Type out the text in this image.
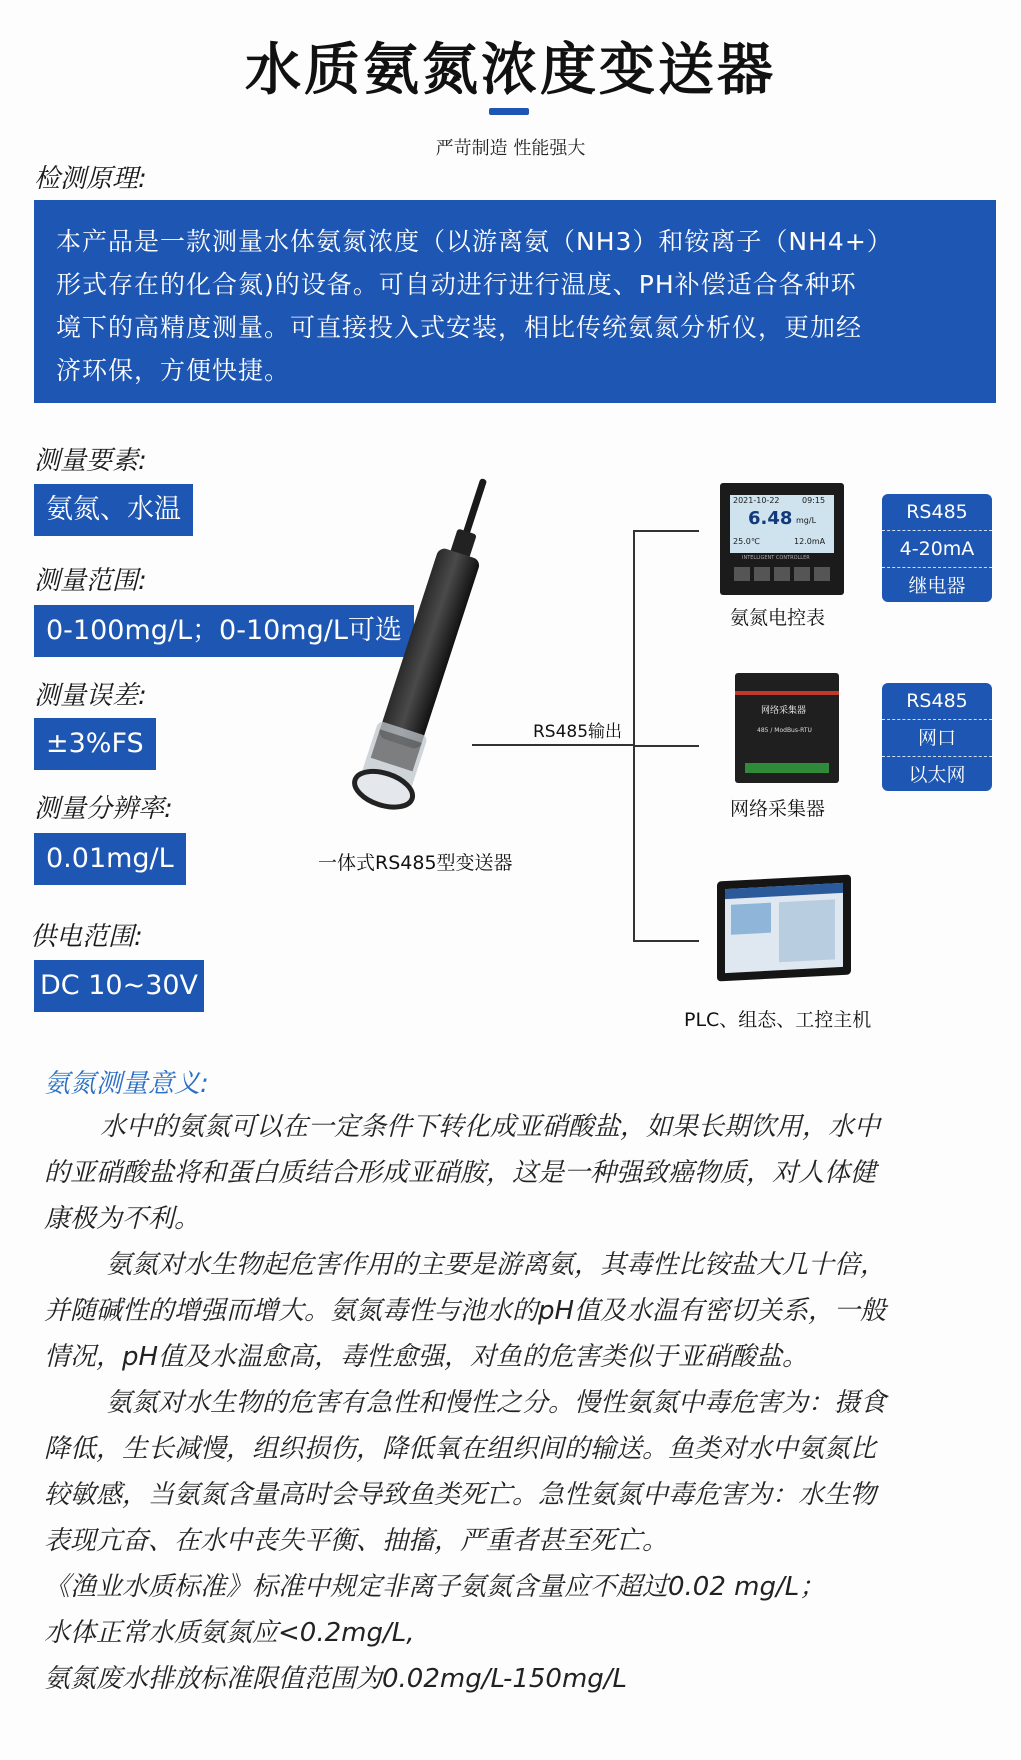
水质氨氮浓度变送器
严苛制造 性能强大
检测原理:
本产品是一款测量水体氨氮浓度（以游离氨（NH3）和铵离子（NH4+）
形式存在的化合氮)的设备。可自动进行进行温度、PH补偿适合各种环
境下的高精度测量。可直接投入式安装，相比传统氨氮分析仪，更加经
济环保，方便快捷。
测量要素:
氨氮、水温
测量范围:
0-100mg/L；0-10mg/L可选
测量误差:
±3%FS
测量分辨率:
0.01mg/L
供电范围:
DC 10~30V
一体式RS485型变送器
RS485输出
2021-10-22	09:15
6.48 mg/L
25.0℃	12.0mA
INTELLIGENT CONTROLLER
氨氮电控表
RS485
4-20mA
继电器
网络采集器
485 / ModBus-RTU
网络采集器
RS485
网口
以太网
PLC、组态、工控主机
氨氮测量意义:
水中的氨氮可以在一定条件下转化成亚硝酸盐，如果长期饮用，水中
的亚硝酸盐将和蛋白质结合形成亚硝胺，这是一种强致癌物质，对人体健
康极为不利。
氨氮对水生物起危害作用的主要是游离氨，其毒性比铵盐大几十倍，
并随碱性的增强而增大。氨氮毒性与池水的pH值及水温有密切关系，一般
情况，pH值及水温愈高，毒性愈强，对鱼的危害类似于亚硝酸盐。
氨氮对水生物的危害有急性和慢性之分。慢性氨氮中毒危害为：摄食
降低，生长减慢，组织损伤，降低氧在组织间的输送。鱼类对水中氨氮比
较敏感，当氨氮含量高时会导致鱼类死亡。急性氨氮中毒危害为：水生物
表现亢奋、在水中丧失平衡、抽搐，严重者甚至死亡。
《渔业水质标准》标准中规定非离子氨氮含量应不超过0.02 mg/L；
水体正常水质氨氮应<0.2mg/L,
氨氮废水排放标准限值范围为0.02mg/L-150mg/L
